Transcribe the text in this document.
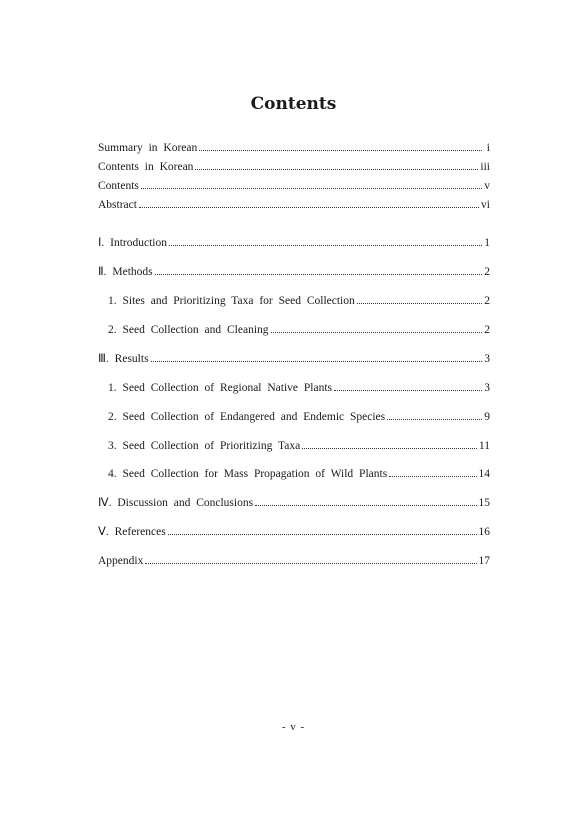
Contents
Summary in Korean	i
Contents in Korean	iii
Contents	v
Abstract	vi
Ⅰ. Introduction	1
Ⅱ. Methods	2
1. Sites and Prioritizing Taxa for Seed Collection	2
2. Seed Collection and Cleaning	2
Ⅲ. Results	3
1. Seed Collection of Regional Native Plants	3
2. Seed Collection of Endangered and Endemic Species	9
3. Seed Collection of Prioritizing Taxa	11
4. Seed Collection for Mass Propagation of Wild Plants	14
Ⅳ. Discussion and Conclusions	15
Ⅴ. References	16
Appendix	17
- v -
